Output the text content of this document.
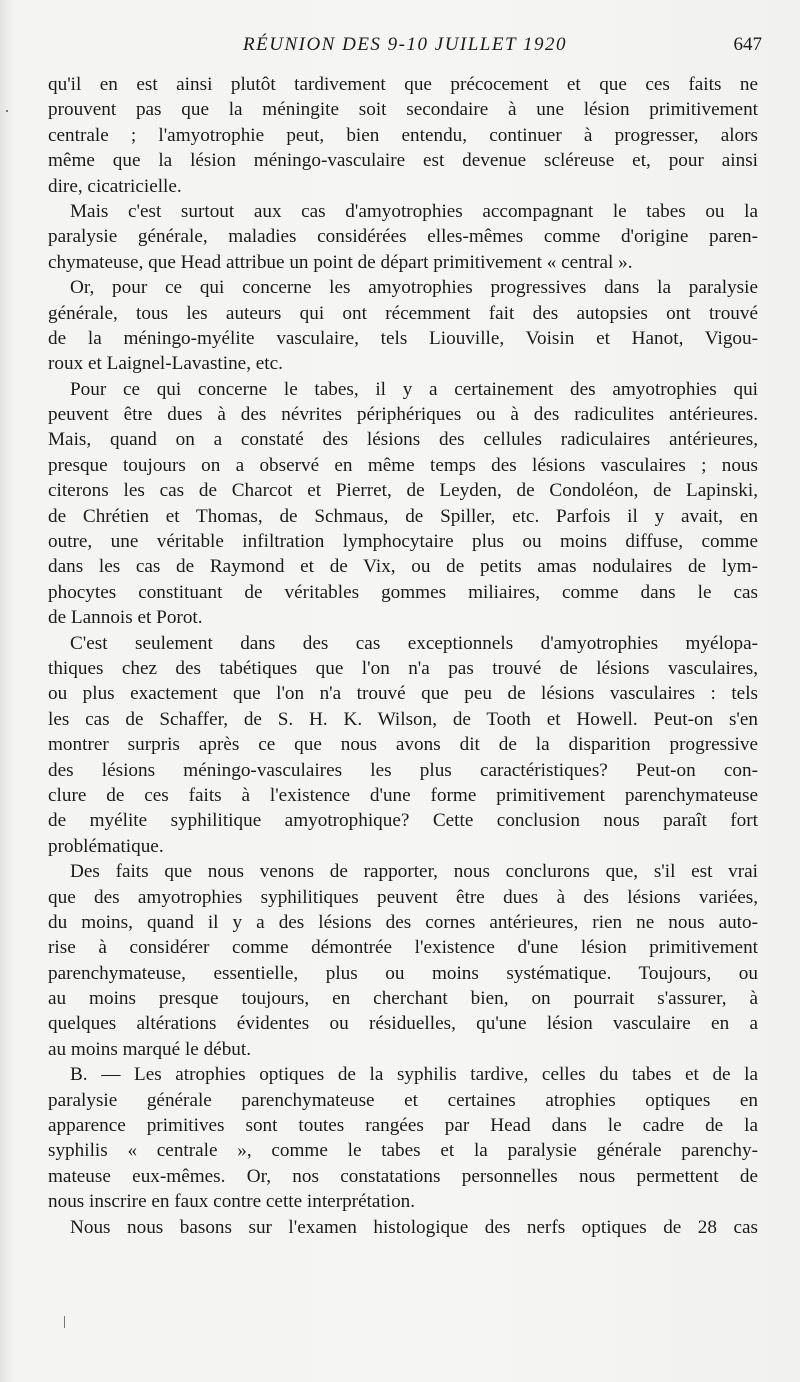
RÉUNION DES 9-10 JUILLET 1920	647
qu'il en est ainsi plutôt tardivement que précocement et que ces faits ne
prouvent pas que la méningite soit secondaire à une lésion primitivement
centrale ; l'amyotrophie peut, bien entendu, continuer à progresser, alors
même que la lésion méningo-vasculaire est devenue scléreuse et, pour ainsi
dire, cicatricielle.
Mais c'est surtout aux cas d'amyotrophies accompagnant le tabes ou la
paralysie générale, maladies considérées elles-mêmes comme d'origine paren-
chymateuse, que Head attribue un point de départ primitivement « central ».
Or, pour ce qui concerne les amyotrophies progressives dans la paralysie
générale, tous les auteurs qui ont récemment fait des autopsies ont trouvé
de la méningo-myélite vasculaire, tels Liouville, Voisin et Hanot, Vigou-
roux et Laignel-Lavastine, etc.
Pour ce qui concerne le tabes, il y a certainement des amyotrophies qui
peuvent être dues à des névrites périphériques ou à des radiculites antérieures.
Mais, quand on a constaté des lésions des cellules radiculaires antérieures,
presque toujours on a observé en même temps des lésions vasculaires ; nous
citerons les cas de Charcot et Pierret, de Leyden, de Condoléon, de Lapinski,
de Chrétien et Thomas, de Schmaus, de Spiller, etc. Parfois il y avait, en
outre, une véritable infiltration lymphocytaire plus ou moins diffuse, comme
dans les cas de Raymond et de Vix, ou de petits amas nodulaires de lym-
phocytes constituant de véritables gommes miliaires, comme dans le cas
de Lannois et Porot.
C'est seulement dans des cas exceptionnels d'amyotrophies myélopa-
thiques chez des tabétiques que l'on n'a pas trouvé de lésions vasculaires,
ou plus exactement que l'on n'a trouvé que peu de lésions vasculaires : tels
les cas de Schaffer, de S. H. K. Wilson, de Tooth et Howell. Peut-on s'en
montrer surpris après ce que nous avons dit de la disparition progressive
des lésions méningo-vasculaires les plus caractéristiques? Peut-on con-
clure de ces faits à l'existence d'une forme primitivement parenchymateuse
de myélite syphilitique amyotrophique? Cette conclusion nous paraît fort
problématique.
Des faits que nous venons de rapporter, nous conclurons que, s'il est vrai
que des amyotrophies syphilitiques peuvent être dues à des lésions variées,
du moins, quand il y a des lésions des cornes antérieures, rien ne nous auto-
rise à considérer comme démontrée l'existence d'une lésion primitivement
parenchymateuse, essentielle, plus ou moins systématique. Toujours, ou
au moins presque toujours, en cherchant bien, on pourrait s'assurer, à
quelques altérations évidentes ou résiduelles, qu'une lésion vasculaire en a
au moins marqué le début.
B. — Les atrophies optiques de la syphilis tardive, celles du tabes et de la
paralysie générale parenchymateuse et certaines atrophies optiques en
apparence primitives sont toutes rangées par Head dans le cadre de la
syphilis « centrale », comme le tabes et la paralysie générale parenchy-
mateuse eux-mêmes. Or, nos constatations personnelles nous permettent de
nous inscrire en faux contre cette interprétation.
Nous nous basons sur l'examen histologique des nerfs optiques de 28 cas
